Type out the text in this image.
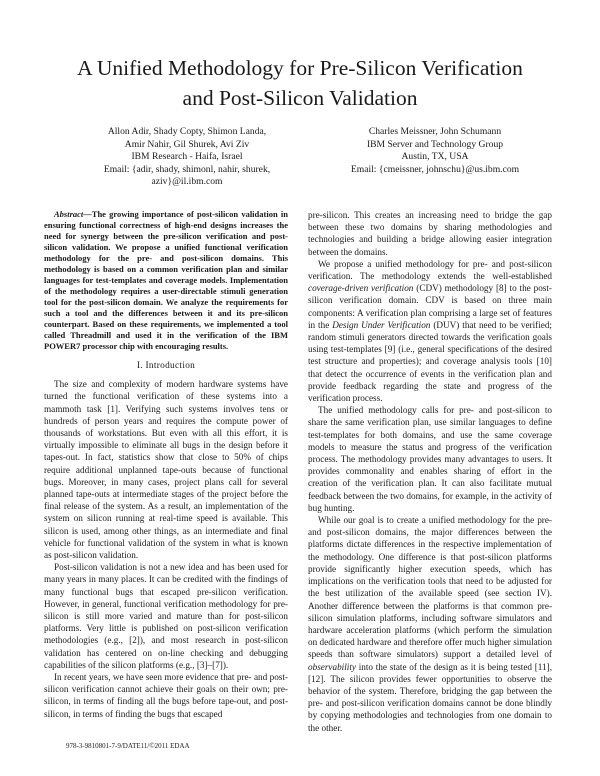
A Unified Methodology for Pre-Silicon Verification
and Post-Silicon Validation
Allon Adir, Shady Copty, Shimon Landa,
Amir Nahir, Gil Shurek, Avi Ziv
IBM Research - Haifa, Israel
Email: {adir, shady, shimonl, nahir, shurek, aziv}@il.ibm.com
Charles Meissner, John Schumann
IBM Server and Technology Group
Austin, TX, USA
Email: {cmeissner, johnschu}@us.ibm.com

Abstract—The growing importance of post-silicon validation in ensuring functional correctness of high-end designs increases the need for synergy between the pre-silicon verification and post-silicon validation. We propose a unified functional verification methodology for the pre- and post-silicon domains. This methodology is based on a common verification plan and similar languages for test-templates and coverage models. Implementation of the methodology requires a user-directable stimuli generation tool for the post-silicon domain. We analyze the requirements for such a tool and the differences between it and its pre-silicon counterpart. Based on these requirements, we implemented a tool called Threadmill and used it in the verification of the IBM POWER7 processor chip with encouraging results.

I. Introduction

The size and complexity of modern hardware systems have turned the functional verification of these systems into a mammoth task [1]. Verifying such systems involves tens or hundreds of person years and requires the compute power of thousands of workstations. But even with all this effort, it is virtually impossible to eliminate all bugs in the design before it tapes-out. In fact, statistics show that close to 50% of chips require additional unplanned tape-outs because of functional bugs. Moreover, in many cases, project plans call for several planned tape-outs at intermediate stages of the project before the final release of the system. As a result, an implementation of the system on silicon running at real-time speed is available. This silicon is used, among other things, as an intermediate and final vehicle for functional validation of the system in what is known as post-silicon validation.

Post-silicon validation is not a new idea and has been used for many years in many places. It can be credited with the findings of many functional bugs that escaped pre-silicon verification. However, in general, functional verification methodology for pre-silicon is still more varied and mature than for post-silicon platforms. Very little is published on post-silicon verification methodologies (e.g., [2]), and most research in post-silicon validation has centered on on-line checking and debugging capabilities of the silicon platforms (e.g., [3]–[7]).

In recent years, we have seen more evidence that pre- and post-silicon verification cannot achieve their goals on their own; pre-silicon, in terms of finding all the bugs before tape-out, and post-silicon, in terms of finding the bugs that escaped

pre-silicon. This creates an increasing need to bridge the gap between these two domains by sharing methodologies and technologies and building a bridge allowing easier integration between the domains.

We propose a unified methodology for pre- and post-silicon verification. The methodology extends the well-established coverage-driven verification (CDV) methodology [8] to the post-silicon verification domain. CDV is based on three main components: A verification plan comprising a large set of features in the Design Under Verification (DUV) that need to be verified; random stimuli generators directed towards the verification goals using test-templates [9] (i.e., general specifications of the desired test structure and properties); and coverage analysis tools [10] that detect the occurrence of events in the verification plan and provide feedback regarding the state and progress of the verification process.

The unified methodology calls for pre- and post-silicon to share the same verification plan, use similar languages to define test-templates for both domains, and use the same coverage models to measure the status and progress of the verification process. The methodology provides many advantages to users. It provides commonality and enables sharing of effort in the creation of the verification plan. It can also facilitate mutual feedback between the two domains, for example, in the activity of bug hunting.

While our goal is to create a unified methodology for the pre- and post-silicon domains, the major differences between the platforms dictate differences in the respective implementation of the methodology. One difference is that post-silicon platforms provide significantly higher execution speeds, which has implications on the verification tools that need to be adjusted for the best utilization of the available speed (see section IV). Another difference between the platforms is that common pre-silicon simulation platforms, including software simulators and hardware acceleration platforms (which perform the simulation on dedicated hardware and therefore offer much higher simulation speeds than software simulators) support a detailed level of observability into the state of the design as it is being tested [11], [12]. The silicon provides fewer opportunities to observe the behavior of the system. Therefore, bridging the gap between the pre- and post-silicon verification domains cannot be done blindly by copying methodologies and technologies from one domain to the other.

978-3-9810801-7-9/DATE11/©2011 EDAA
